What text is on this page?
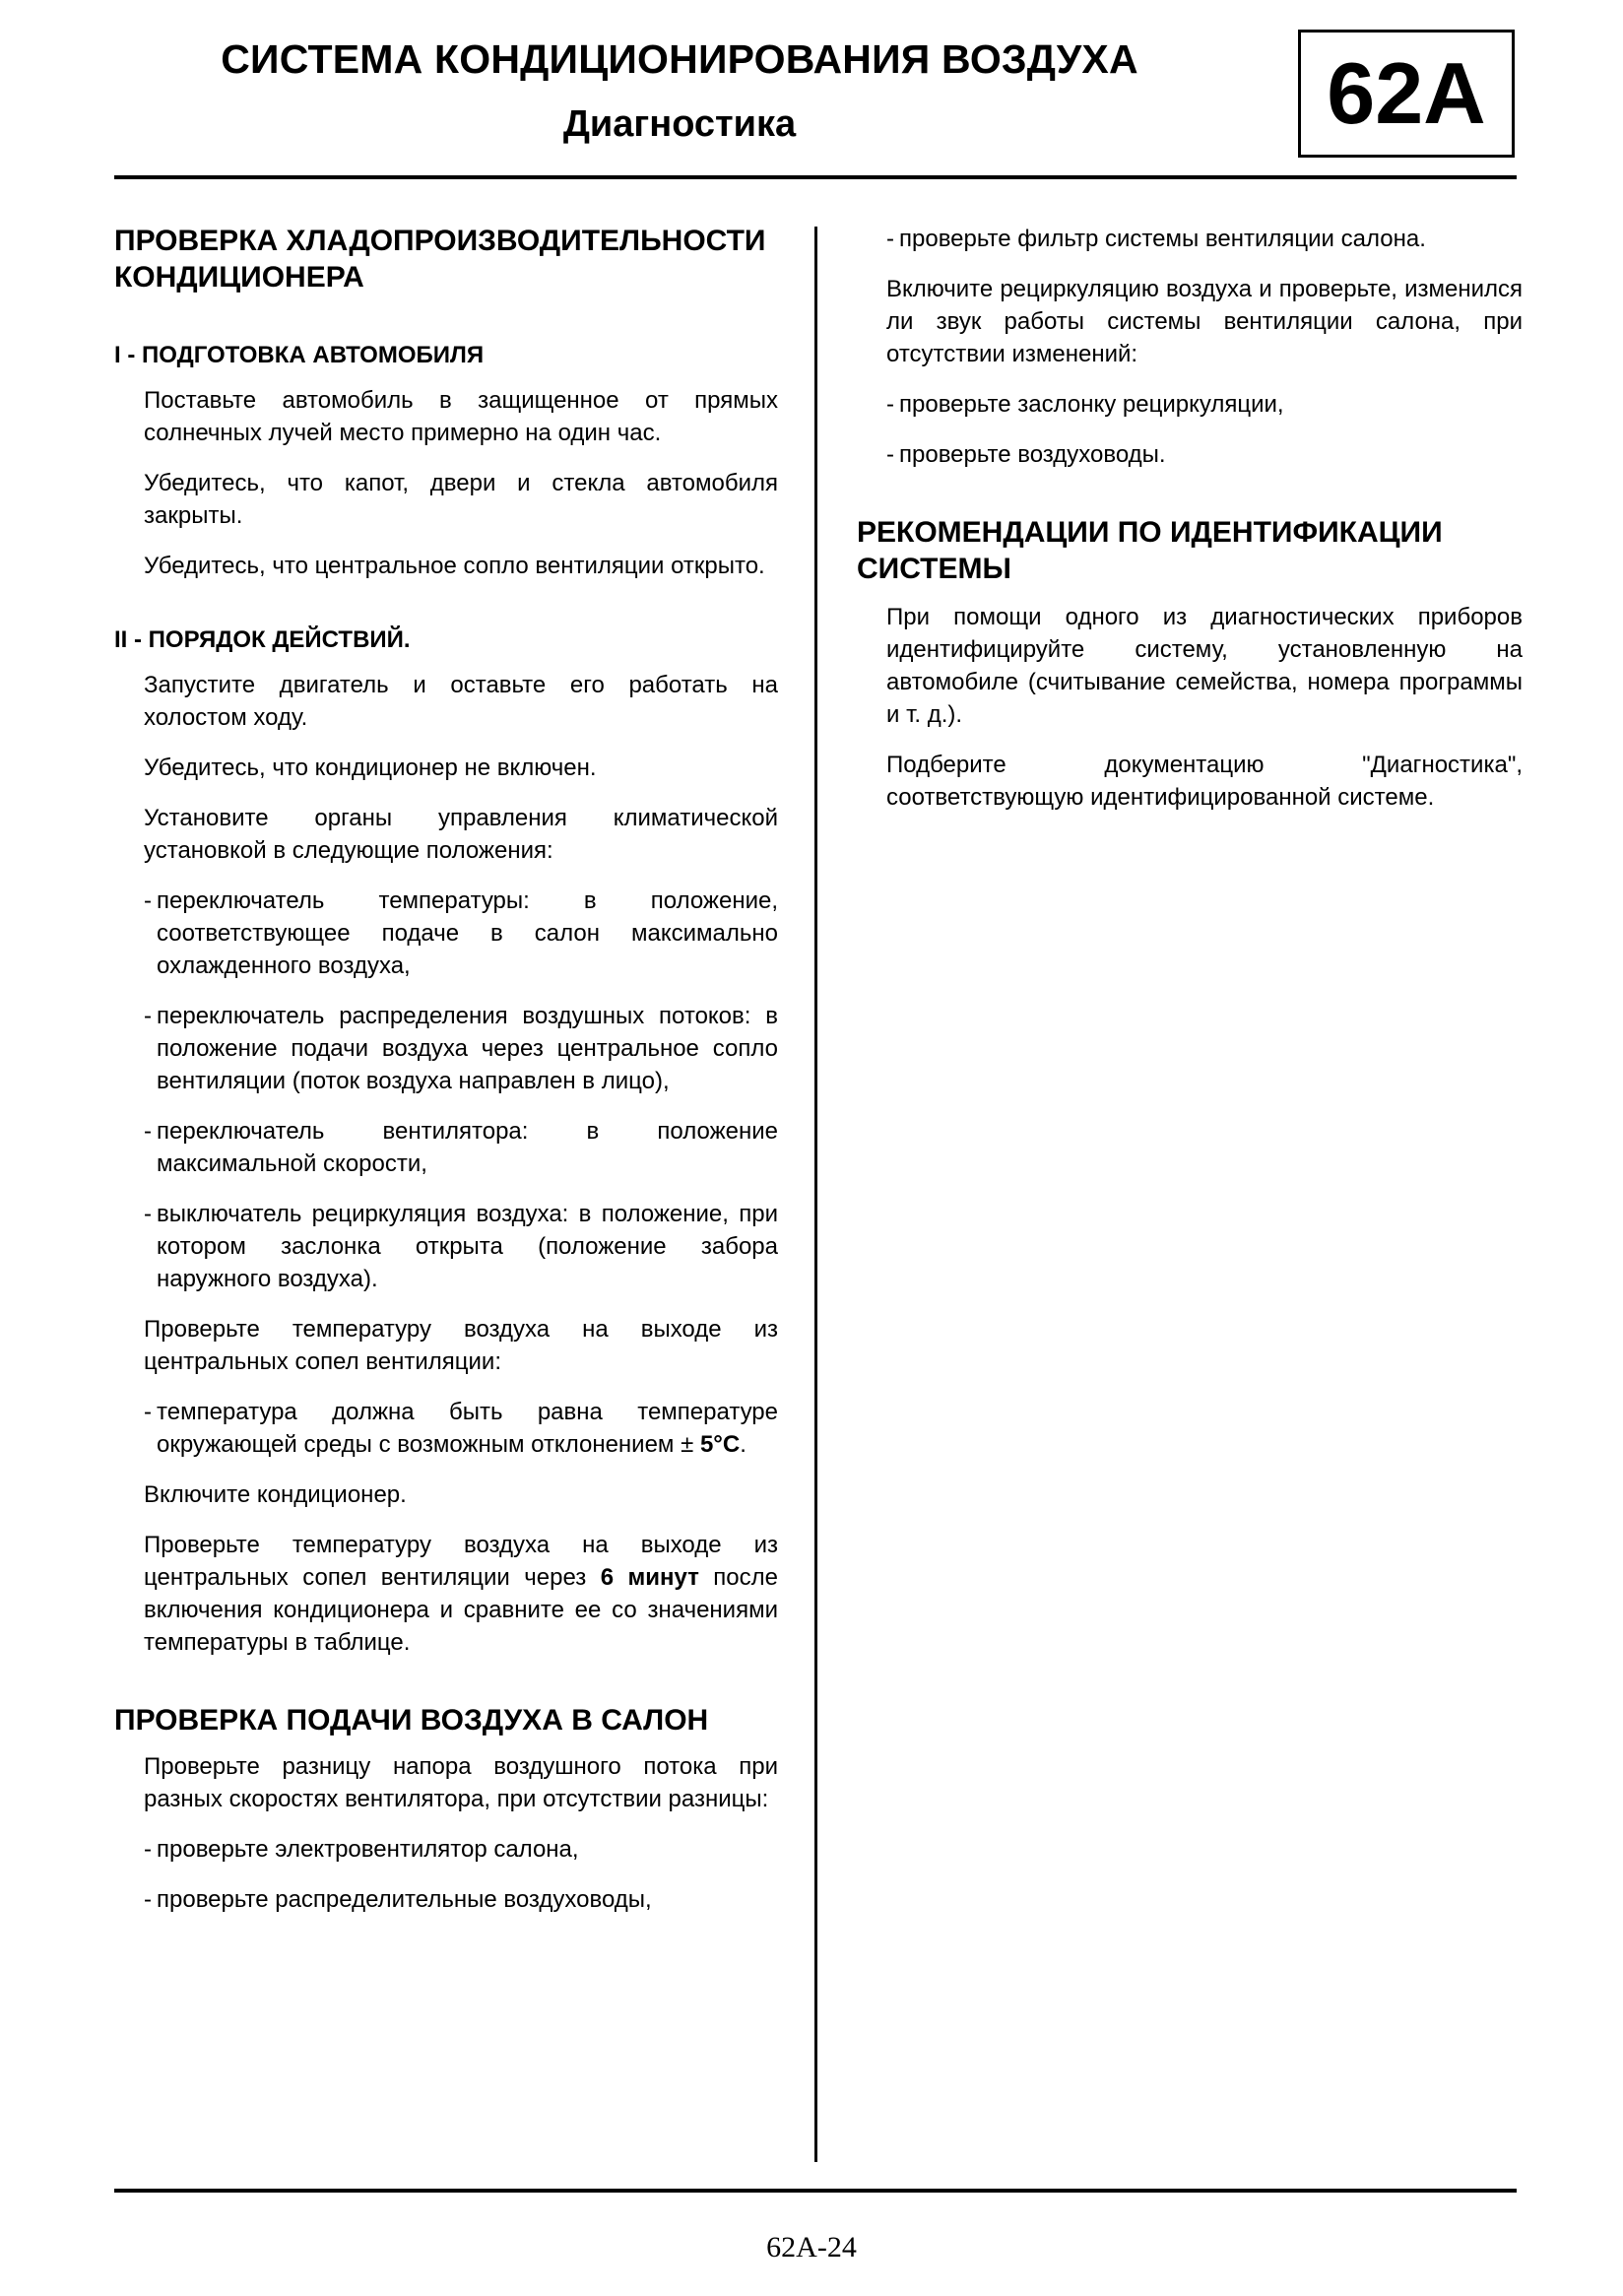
СИСТЕМА КОНДИЦИОНИРОВАНИЯ ВОЗДУХА
Диагностика	62A
ПРОВЕРКА ХЛАДОПРОИЗВОДИТЕЛЬНОСТИ КОНДИЦИОНЕРА
I - ПОДГОТОВКА АВТОМОБИЛЯ

Поставьте автомобиль в защищенное от прямых солнечных лучей место примерно на один час.

Убедитесь, что капот, двери и стекла автомобиля закрыты.

Убедитесь, что центральное сопло вентиляции открыто.

II - ПОРЯДОК ДЕЙСТВИЙ.

Запустите двигатель и оставьте его работать на холостом ходу.

Убедитесь, что кондиционер не включен.

Установите органы управления климатической установкой в следующие положения:

- переключатель температуры: в положение, соответствующее подаче в салон максимально охлажденного воздуха,
- переключатель распределения воздушных потоков: в положение подачи воздуха через центральное сопло вентиляции (поток воздуха направлен в лицо),
- переключатель вентилятора: в положение максимальной скорости,
- выключатель рециркуляция воздуха: в положение, при котором заслонка открыта (положение забора наружного воздуха).

Проверьте температуру воздуха на выходе из центральных сопел вентиляции:

- температура должна быть равна температуре окружающей среды с возможным отклонением ± 5°С.

Включите кондиционер.

Проверьте температуру воздуха на выходе из центральных сопел вентиляции через 6 минут после включения кондиционера и сравните ее со значениями температуры в таблице.

ПРОВЕРКА ПОДАЧИ ВОЗДУХА В САЛОН

Проверьте разницу напора воздушного потока при разных скоростях вентилятора, при отсутствии разницы:

- проверьте электровентилятор салона,
- проверьте распределительные воздуховоды,
- проверьте фильтр системы вентиляции салона.

Включите рециркуляцию воздуха и проверьте, изменился ли звук работы системы вентиляции салона, при отсутствии изменений:

- проверьте заслонку рециркуляции,
- проверьте воздуховоды.
РЕКОМЕНДАЦИИ ПО ИДЕНТИФИКАЦИИ СИСТЕМЫ

При помощи одного из диагностических приборов идентифицируйте систему, установленную на автомобиле (считывание семейства, номера программы и т. д.).

Подберите документацию "Диагностика", соответствующую идентифицированной системе.

62A-24
